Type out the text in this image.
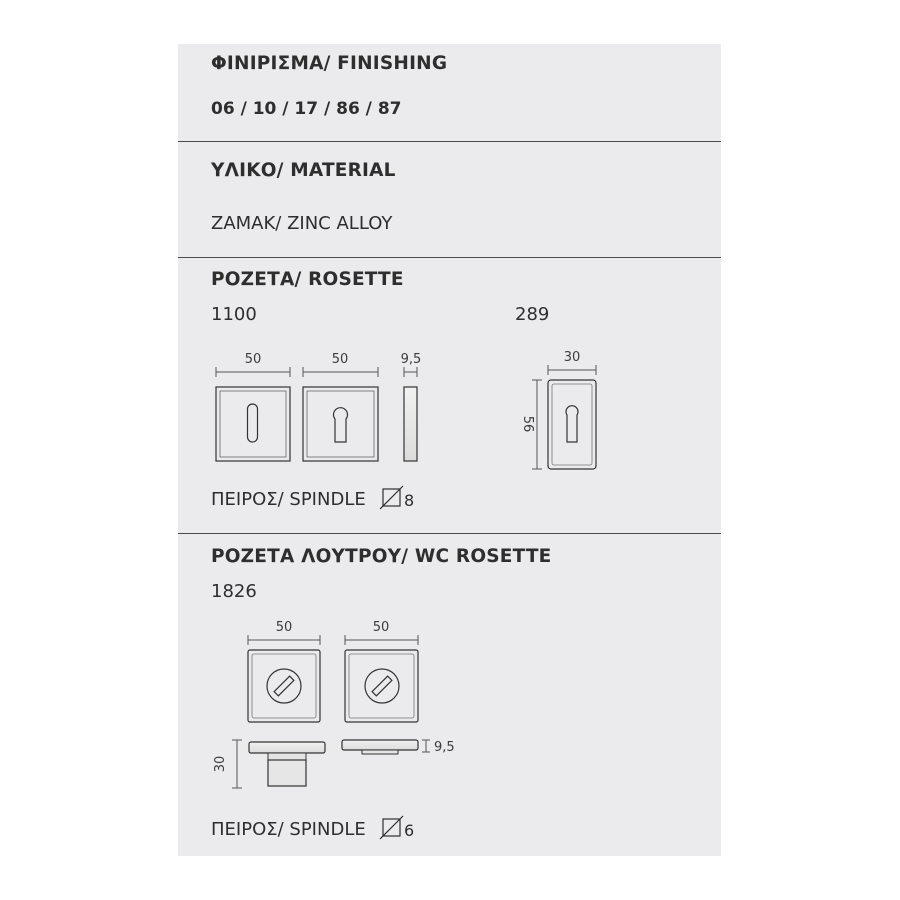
ΦΙΝΙΡΙΣΜΑ/ FINISHING
06 / 10 / 17 / 86 / 87
ΥΛΙΚΟ/ MATERIAL
ΖΑΜΑΚ/ ZINC ALLOY
ΡΟΖΕΤΑ/ ROSETTE
1100	289
ΠΕΙΡΟΣ/ SPINDLE
ΡΟΖΕΤΑ ΛΟΥΤΡΟΥ/ WC ROSETTE
1826
ΠΕΙΡΟΣ/ SPINDLE
50	50	9,5
8
30
56
50	50
30
9,5
6
